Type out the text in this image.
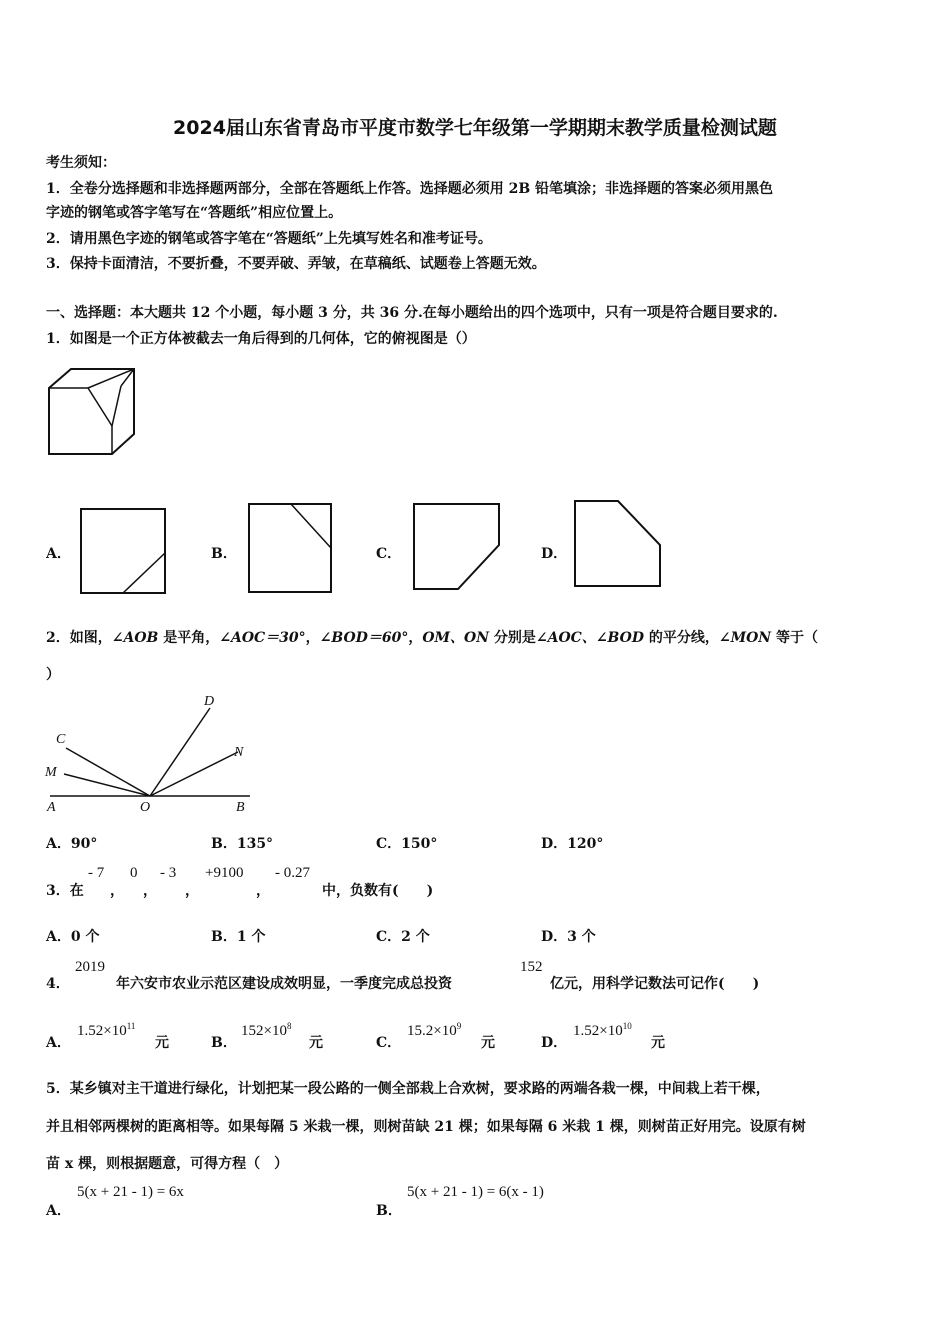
2024届山东省青岛市平度市数学七年级第一学期期末教学质量检测试题
考生须知：
1．全卷分选择题和非选择题两部分，全部在答题纸上作答。选择题必须用 2B 铅笔填涂；非选择题的答案必须用黑色
字迹的钢笔或答字笔写在“答题纸”相应位置上。
2．请用黑色字迹的钢笔或答字笔在“答题纸”上先填写姓名和准考证号。
3．保持卡面清洁，不要折叠，不要弄破、弄皱，在草稿纸、试题卷上答题无效。
一、选择题：本大题共 12 个小题，每小题 3 分，共 36 分.在每小题给出的四个选项中，只有一项是符合题目要求的.
1．如图是一个正方体被截去一角后得到的几何体，它的俯视图是（）
A．	B．	C．	D．
2．如图，∠AOB 是平角，∠AOC＝30°，∠BOD＝60°，OM、ON 分别是∠AOC、∠BOD 的平分线，∠MON 等于（
）
A	B
C
D
M
N
O
A．90°	B．135°	C．150°	D．120°
3．在
- 7
，
0
，
- 3
，
+9100
，
- 0.27
中，负数有(　　)
A．0 个	B．1 个	C．2 个	D．3 个
4．
2019
年六安市农业示范区建设成效明显，一季度完成总投资
152
亿元，用科学记数法可记作(　　)
A．
$1.52\times 10^{11}$
元	B．
$152\times 10^8$
元	C．
$15.2\times 10^9$
元	D．
$1.52\times 10^{10}$
元
5．某乡镇对主干道进行绿化，计划把某一段公路的一侧全部栽上合欢树，要求路的两端各栽一棵，中间栽上若干棵，
并且相邻两棵树的距离相等。如果每隔 5 米栽一棵，则树苗缺 21 棵；如果每隔 6 米栽 1 棵，则树苗正好用完。设原有树
苗 x 棵，则根据题意，可得方程（　）
A．
5(x + 21 - 1) = 6x
B．
5(x + 21 - 1) = 6(x - 1)
